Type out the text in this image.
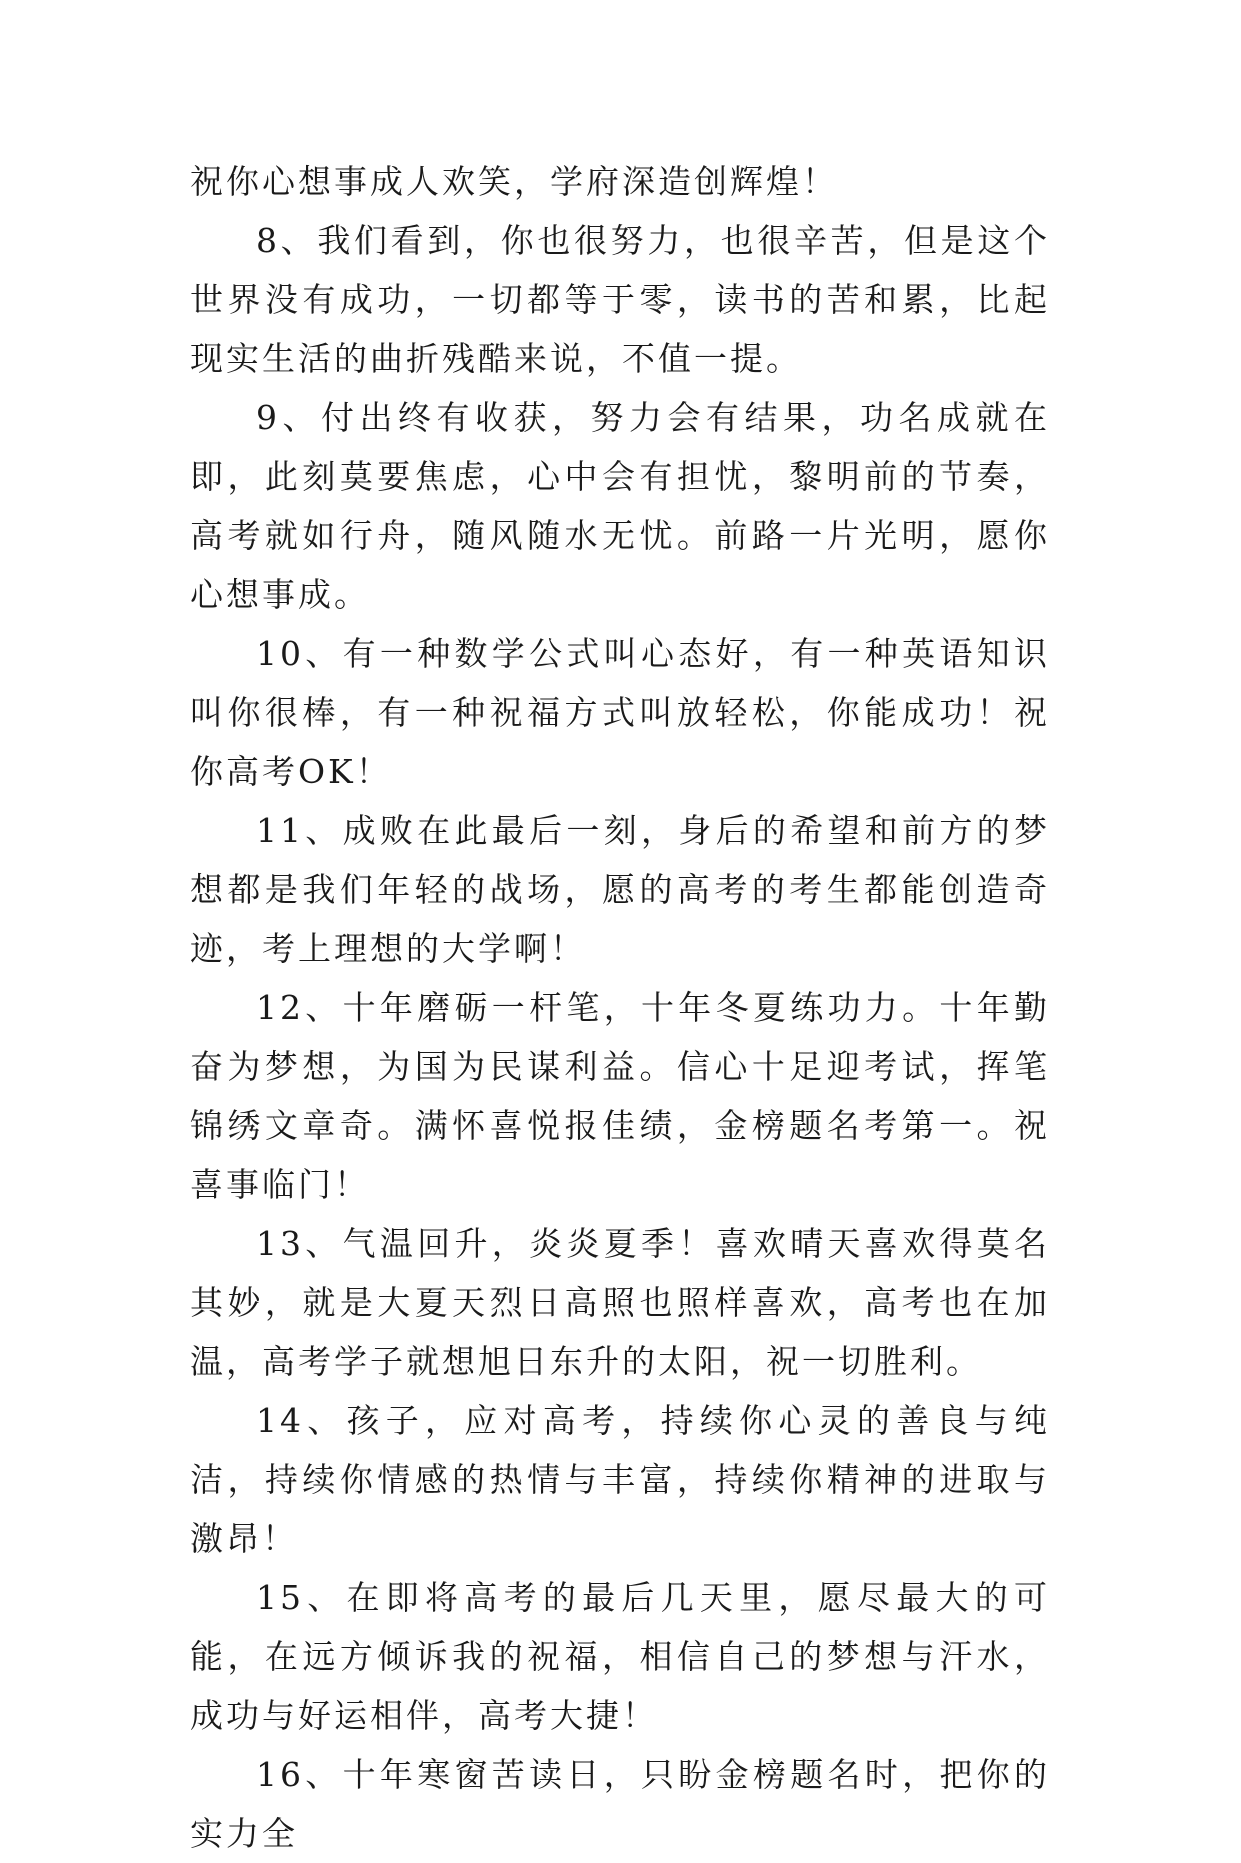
祝你心想事成人欢笑，学府深造创辉煌！

8、我们看到，你也很努力，也很辛苦，但是这个世界没有成功，一切都等于零，读书的苦和累，比起现实生活的曲折残酷来说，不值一提。

9、付出终有收获，努力会有结果，功名成就在即，此刻莫要焦虑，心中会有担忧，黎明前的节奏，高考就如行舟，随风随水无忧。前路一片光明，愿你心想事成。

10、有一种数学公式叫心态好，有一种英语知识叫你很棒，有一种祝福方式叫放轻松，你能成功！祝你高考OK！

11、成败在此最后一刻，身后的希望和前方的梦想都是我们年轻的战场，愿的高考的考生都能创造奇迹，考上理想的大学啊！

12、十年磨砺一杆笔，十年冬夏练功力。十年勤奋为梦想，为国为民谋利益。信心十足迎考试，挥笔锦绣文章奇。满怀喜悦报佳绩，金榜题名考第一。祝喜事临门！

13、气温回升，炎炎夏季！喜欢晴天喜欢得莫名其妙，就是大夏天烈日高照也照样喜欢，高考也在加温，高考学子就想旭日东升的太阳，祝一切胜利。

14、孩子，应对高考，持续你心灵的善良与纯洁，持续你情感的热情与丰富，持续你精神的进取与激昂！

15、在即将高考的最后几天里，愿尽最大的可能，在远方倾诉我的祝福，相信自己的梦想与汗水，成功与好运相伴，高考大捷！

16、十年寒窗苦读日，只盼金榜题名时，把你的实力全
